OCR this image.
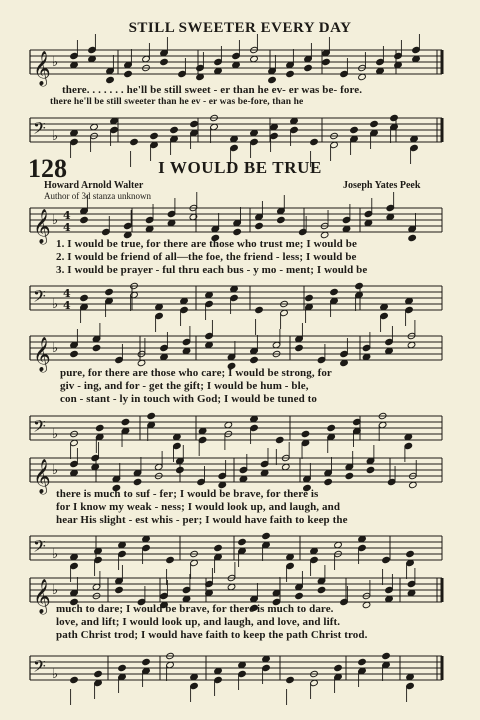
STILL SWEETER EVERY DAY
𝄞 ♭
there. . . . . . . he'll be still sweet - er than he ev- er was be- fore.
there he'll be still sweeter than he ev - er was be-fore, than he
𝄢 ♭
128	I WOULD BE TRUE
Howard Arnold Walter
Author of 3d stanza unknown
Joseph Yates Peek
𝄞 ♭ 4
4
1. I would be true, for there are those who trust me; I would be
2. I would be friend of all—the foe, the friend - less; I would be
3. I would be prayer - ful thru each bus - y mo - ment; I would be
𝄢 ♭
4
4
𝄞 ♭
pure, for there are those who care; I would be strong, for
giv - ing, and for - get the gift; I would be hum - ble,
con - stant - ly in touch with God; I would be tuned to
𝄢 ♭
𝄞 ♭
there is much to suf - fer; I would be brave, for there is
for I know my weak - ness; I would look up, and laugh, and
hear His slight - est whis - per; I would have faith to keep the
𝄢 ♭
𝄞 ♭
much to dare; I would be brave, for there is much to dare.
love, and lift; I would look up, and laugh, and love, and lift.
path Christ trod; I would have faith to keep the path Christ trod.
𝄢 ♭
